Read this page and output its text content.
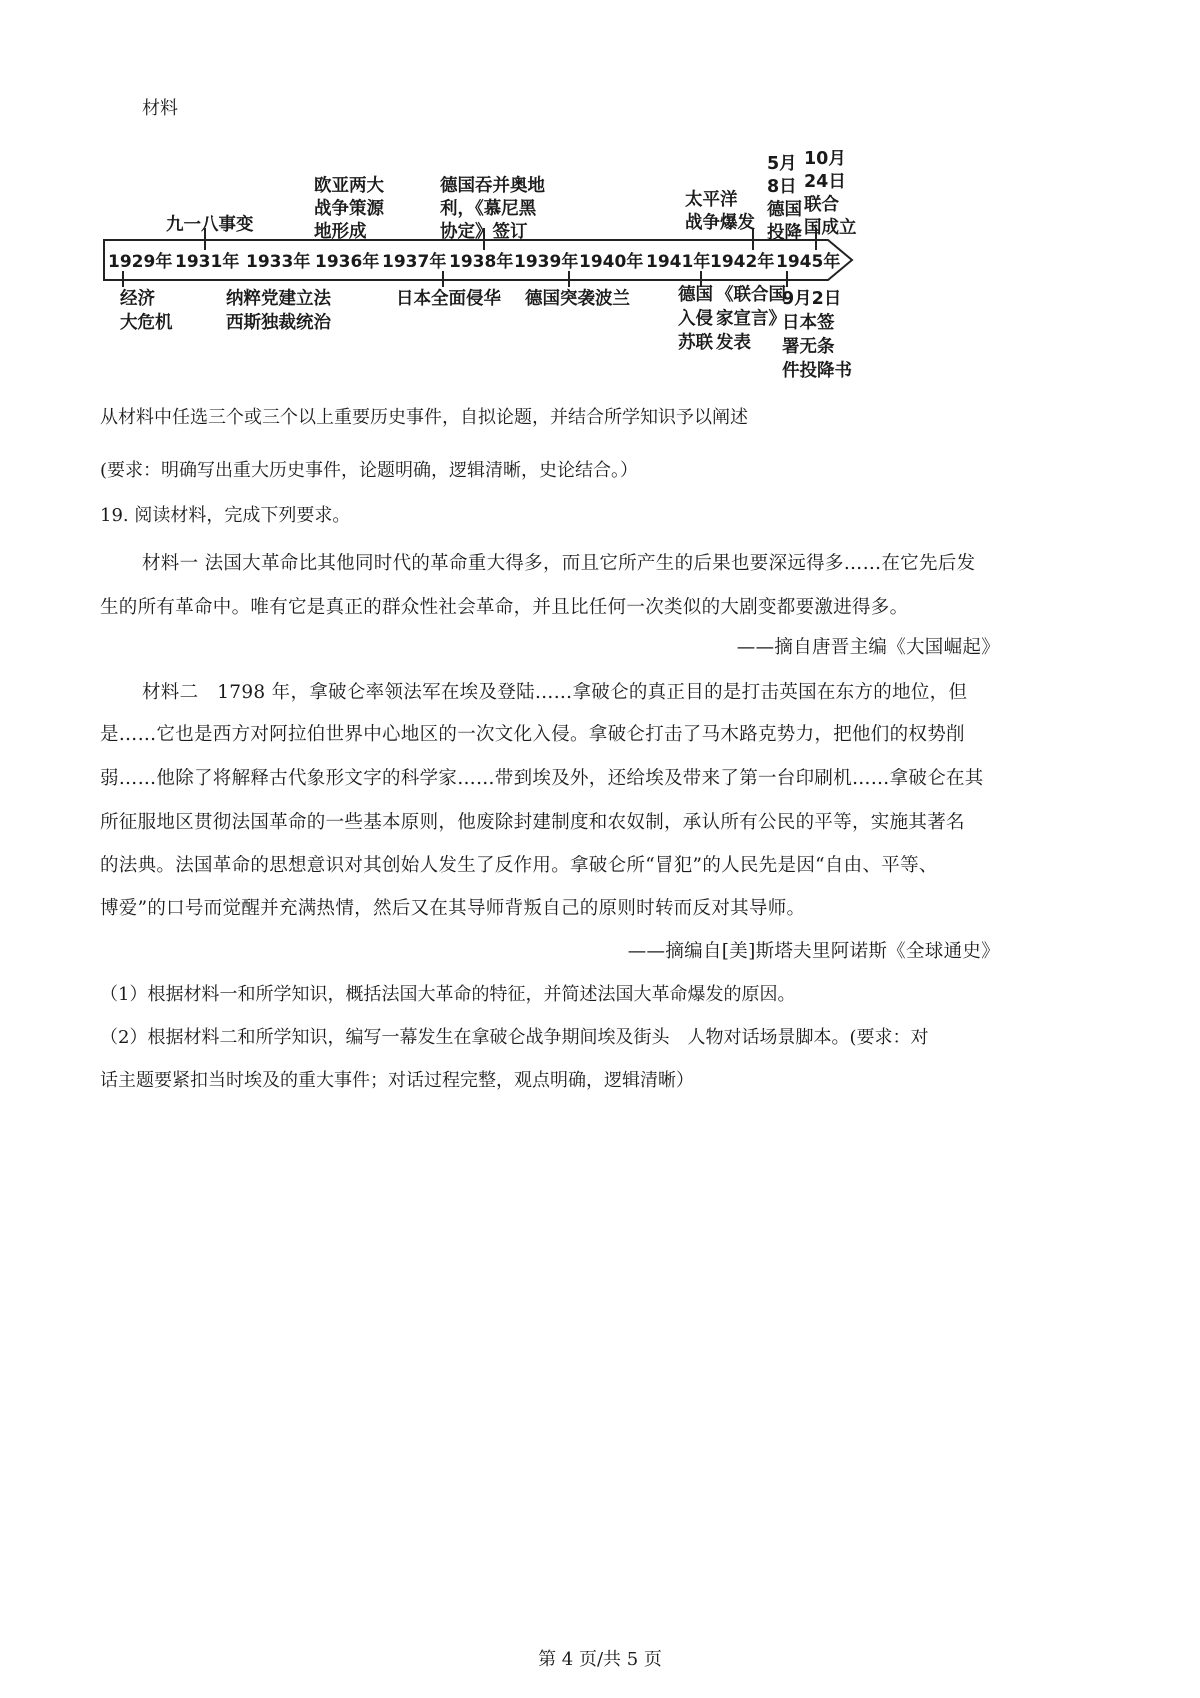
材料
1929年 1931年 1933年 1936年 1937年 1938年 1939年 1940年 1941年 1942年 1945年
九一八事变
欧亚两大
战争策源
地形成
德国吞并奥地
利，《慕尼黑
协定》签订
太平洋
战争爆发
5月
8日
德国
投降
10月
24日
联合
国成立
经济
大危机
纳粹党建立法
西斯独裁统治
日本全面侵华 德国突袭波兰	德国
入侵
苏联
《联合国
家宣言》
发表
9月2日
日本签
署无条
件投降书
从材料中任选三个或三个以上重要历史事件，自拟论题，并结合所学知识予以阐述
(要求：明确写出重大历史事件，论题明确，逻辑清晰，史论结合。）
19. 阅读材料，完成下列要求。
材料一 法国大革命比其他同时代的革命重大得多，而且它所产生的后果也要深远得多……在它先后发
生的所有革命中。唯有它是真正的群众性社会革命，并且比任何一次类似的大剧变都要激进得多。
——摘自唐晋主编《大国崛起》
材料二　1798 年，拿破仑率领法军在埃及登陆……拿破仑的真正目的是打击英国在东方的地位，但
是……它也是西方对阿拉伯世界中心地区的一次文化入侵。拿破仑打击了马木路克势力，把他们的权势削
弱……他除了将解释古代象形文字的科学家……带到埃及外，还给埃及带来了第一台印刷机……拿破仑在其
所征服地区贯彻法国革命的一些基本原则，他废除封建制度和农奴制，承认所有公民的平等，实施其著名
的法典。法国革命的思想意识对其创始人发生了反作用。拿破仑所“冒犯”的人民先是因“自由、平等、
博爱”的口号而觉醒并充满热情，然后又在其导师背叛自己的原则时转而反对其导师。
——摘编自[美]斯塔夫里阿诺斯《全球通史》
（1）根据材料一和所学知识，概括法国大革命的特征，并简述法国大革命爆发的原因。
（2）根据材料二和所学知识，编写一幕发生在拿破仑战争期间埃及街头　人物对话场景脚本。(要求：对
话主题要紧扣当时埃及的重大事件；对话过程完整，观点明确，逻辑清晰）
第 4 页/共 5 页
